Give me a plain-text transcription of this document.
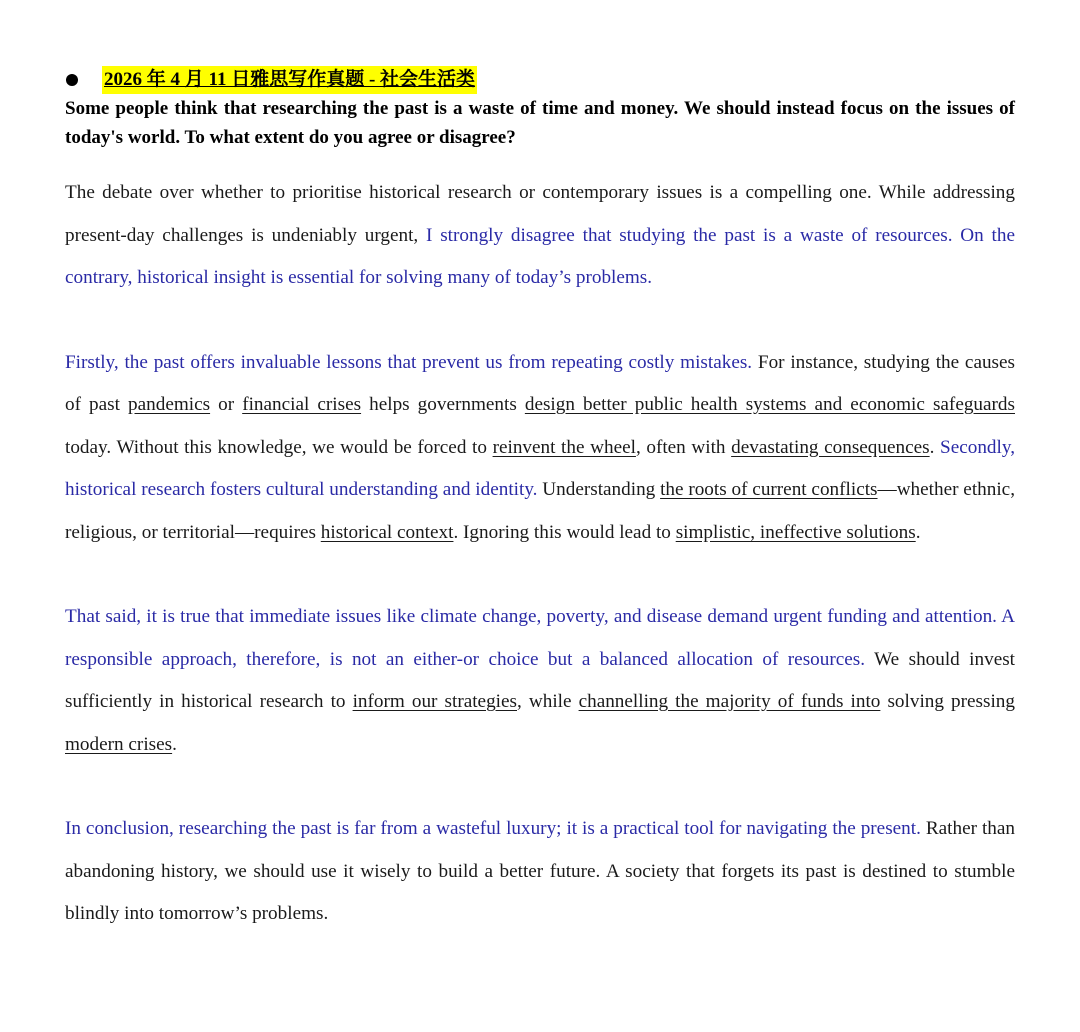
2026 年 4 月 11 日雅思写作真题 - 社会生活类

Some people think that researching the past is a waste of time and money. We should instead focus on the issues of today's world. To what extent do you agree or disagree?

The debate over whether to prioritise historical research or contemporary issues is a compelling one. While addressing present-day challenges is undeniably urgent, I strongly disagree that studying the past is a waste of resources. On the contrary, historical insight is essential for solving many of today’s problems.

Firstly, the past offers invaluable lessons that prevent us from repeating costly mistakes. For instance, studying the causes of past pandemics or financial crises helps governments design better public health systems and economic safeguards today. Without this knowledge, we would be forced to reinvent the wheel, often with devastating consequences. Secondly, historical research fosters cultural understanding and identity. Understanding the roots of current conflicts—whether ethnic, religious, or territorial—requires historical context. Ignoring this would lead to simplistic, ineffective solutions.

That said, it is true that immediate issues like climate change, poverty, and disease demand urgent funding and attention. A responsible approach, therefore, is not an either-or choice but a balanced allocation of resources. We should invest sufficiently in historical research to inform our strategies, while channelling the majority of funds into solving pressing modern crises.

In conclusion, researching the past is far from a wasteful luxury; it is a practical tool for navigating the present. Rather than abandoning history, we should use it wisely to build a better future. A society that forgets its past is destined to stumble blindly into tomorrow’s problems.
